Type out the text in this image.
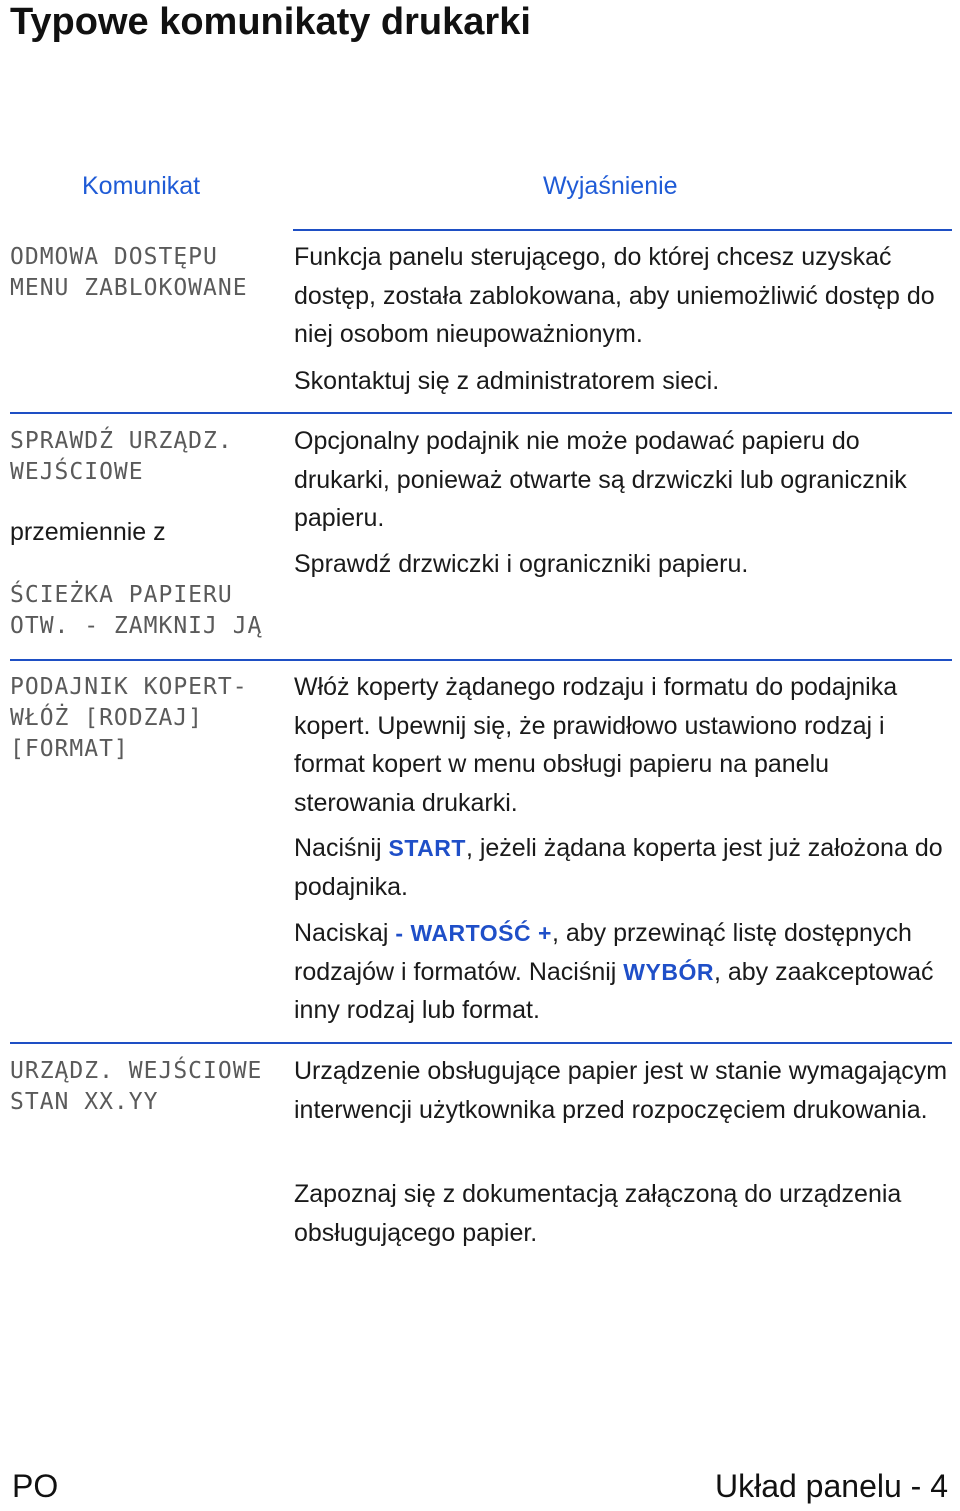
Typowe komunikaty drukarki
Komunikat	Wyjaśnienie
ODMOWA DOSTĘPU
MENU ZABLOKOWANE

Funkcja panelu sterującego, do której chcesz uzyskać dostęp, została zablokowana, aby uniemożliwić dostęp do niej osobom nieupoważnionym.

Skontaktuj się z administratorem sieci.

SPRAWDŹ URZĄDZ.
WEJŚCIOWE
przemiennie z
ŚCIEŻKA PAPIERU
OTW. - ZAMKNIJ JĄ

Opcjonalny podajnik nie może podawać papieru do drukarki, ponieważ otwarte są drzwiczki lub ogranicznik papieru.

Sprawdź drzwiczki i ograniczniki papieru.

PODAJNIK KOPERT-
WŁÓŻ [RODZAJ]
[FORMAT]

Włóż koperty żądanego rodzaju i formatu do podajnika kopert. Upewnij się, że prawidłowo ustawiono rodzaj i format kopert w menu obsługi papieru na panelu sterowania drukarki.

Naciśnij START, jeżeli żądana koperta jest już założona do podajnika.

Naciskaj - WARTOŚĆ +, aby przewinąć listę dostępnych rodzajów i formatów. Naciśnij WYBÓR, aby zaakceptować inny rodzaj lub format.

URZĄDZ. WEJŚCIOWE
STAN XX.YY

Urządzenie obsługujące papier jest w stanie wymagającym interwencji użytkownika przed rozpoczęciem drukowania.

Zapoznaj się z dokumentacją załączoną do urządzenia obsługującego papier.

PO	Układ panelu - 4
